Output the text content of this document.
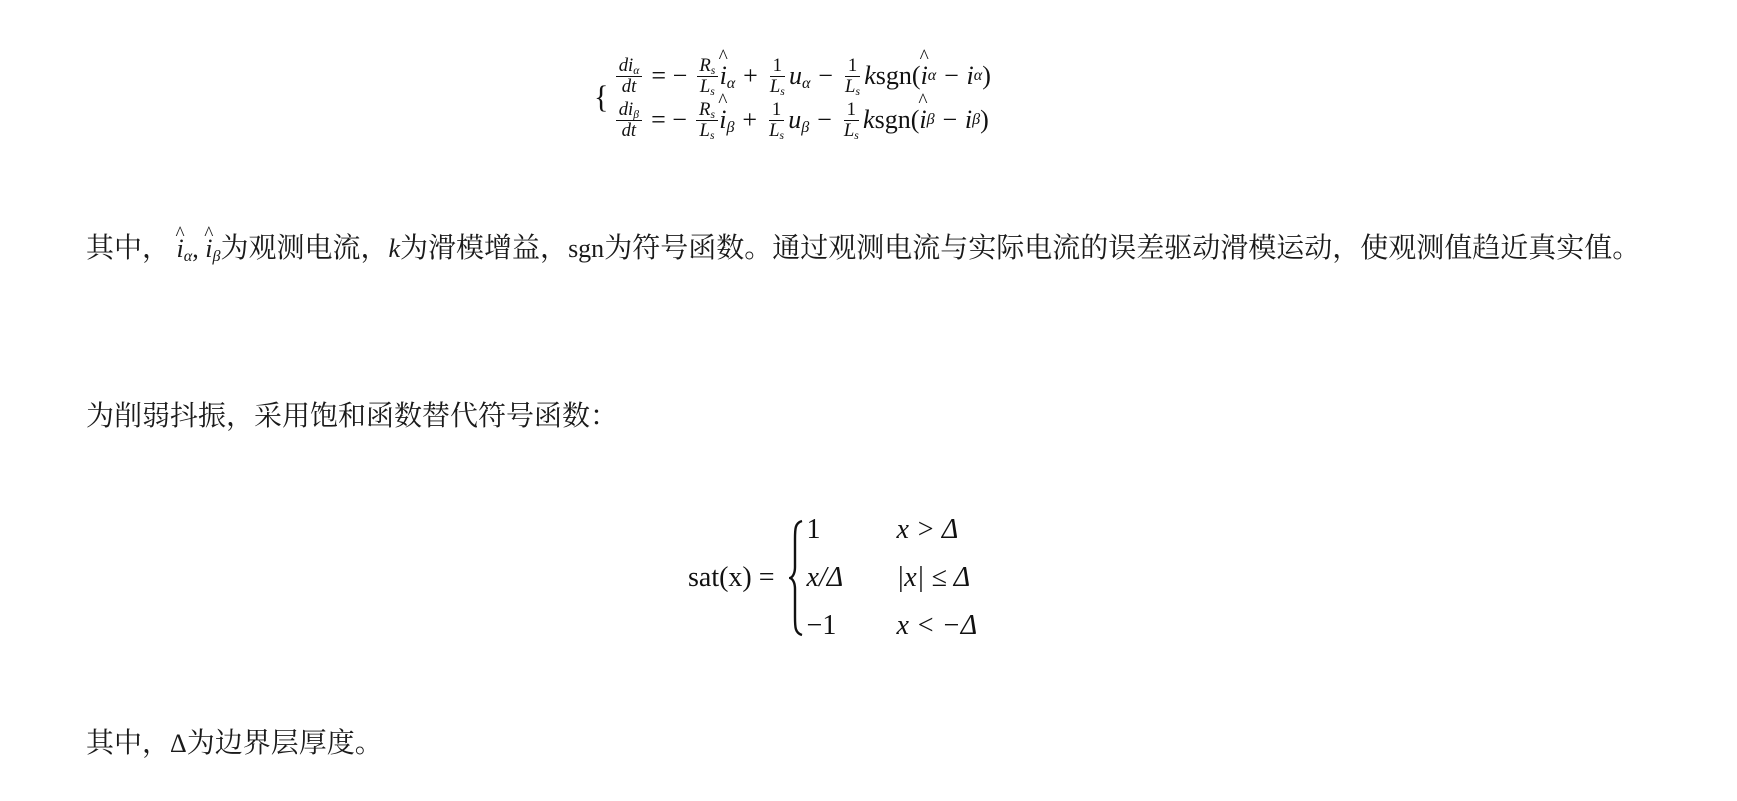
{
$\frac{di_\alpha}{dt}$ = − $\frac{R_s}{L_s}$ ^ $i_\alpha + \frac{1}{L_s} u_\alpha - \frac{1}{L_s}$ k sgn( ^ i α − i α )
$\frac{di_\beta}{dt}$ = − $\frac{R_s}{L_s}$ ^ $i_\beta + \frac{1}{L_s} u_\beta - \frac{1}{L_s}$ k sgn( ^ i β − i β )
其中， ^ $i_\alpha$, ^ $i_\beta$为观测电流，k为滑模增益，sgn为符号函数。通过观测电流与实际电流的误差驱动滑模运动，使观测值趋近真实值。
为削弱抖振，采用饱和函数替代符号函数：
sat(x) =
1	x > Δ
x/Δ	|x| ≤ Δ
−1	x < −Δ
其中，Δ为边界层厚度。
